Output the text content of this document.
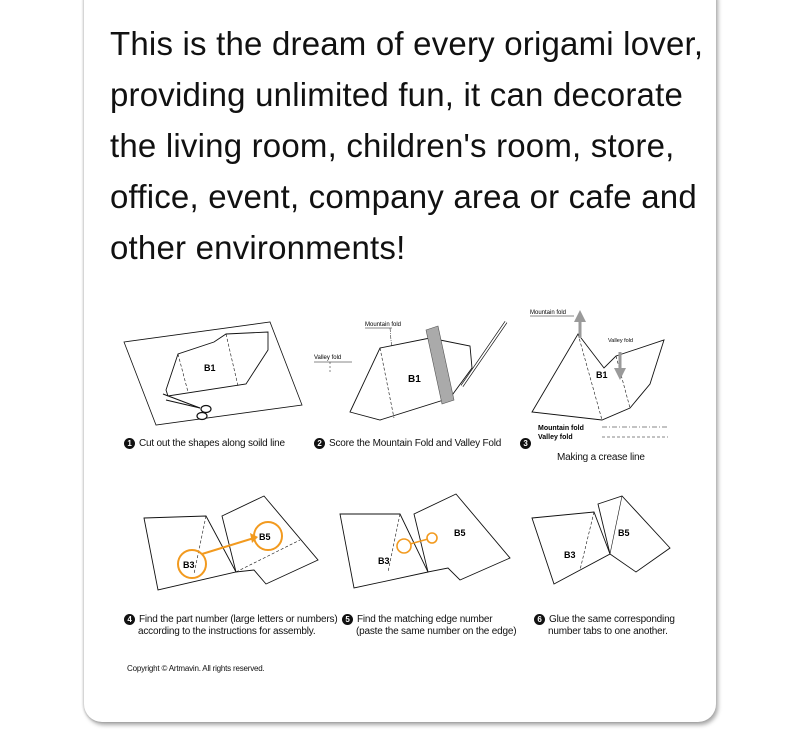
This is the dream of every origami lover,
providing unlimited fun, it can decorate
the living room, children's room, store,
office, event, company area or cafe and
other environments!
B1
1 Cut out the shapes along soild line
Mountain fold
Valley fold
B1
2 Score the Mountain Fold and Valley Fold
Mountain fold
B1
Valley fold
Mountain fold
Valley fold
3
Making a crease line
B3
B5
4 Find the part number (large letters or numbers)
according to the instructions for assembly.
B3
B5
5 Find the matching edge number
(paste the same number on the edge)
B3
B5
6 Glue the same corresponding
number tabs to one another.
Copyright © Artmavin. All rights reserved.
